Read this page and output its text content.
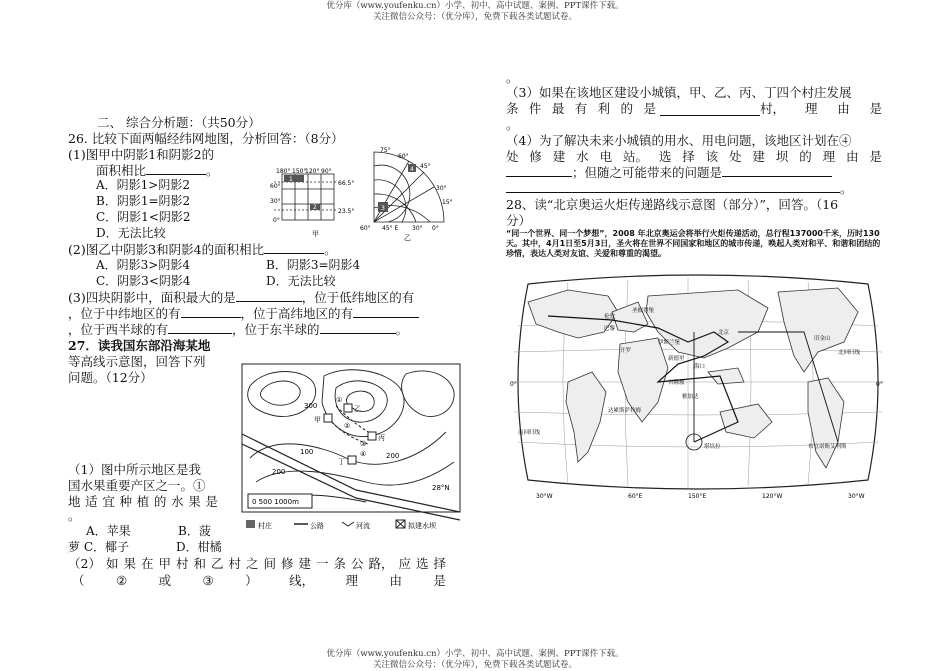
优分库（www.youfenku.cn）小学、初中、高中试题、案例、PPT课件下载。
关注微信公众号：（优分库），免费下载各类试题试卷。
二、 综合分析题：（共50分）
26. 比较下面两幅经纬网地图，分析回答：（8分）
(1)图甲中阴影1和阴影2的
面积相比	。
A．阴影1>阴影2
B．阴影1=阴影2
C．阴影1<阴影2
D．无法比较
180° 150°
120° 90°
60°
30°
0°
66.5°
23.5°
1
2
甲
75°
60°
45°
30°
15°
60° 45° E 30° 0°
3
4
乙
(2)图乙中阴影3和阴影4的面积相比	。
A．阴影3>阴影4	B．阴影3=阴影4
C．阴影3<阴影4	D．无法比较
(3)四块阴影中，面积最大的是	，位于低纬地区的有
，位于中纬地区的有	，位于高纬地区的有
，位于西半球的有	，位于东半球的	。
27．读我国东部沿海某地
等高线示意图，回答下列
问题。（12分）
300
200
100	200
甲
乙
丙
丁
①
②
③
④
28°N
0 500 1000m
村庄	公路	河流	拟建水坝
（1）图中所示地区是我
国水果重要产区之一。①
地 适 宜 种 植 的 水 果 是
。
A．苹果	B．菠
萝 C．椰子	D．柑橘
（2） 如 果 在 甲 村 和 乙 村 之 间 修 建 一 条 公 路， 应 选 择
（	②	或	③	）	线，	理	由	是
。
（3）如果在该地区建设小城镇，甲、乙、丙、丁四个村庄发展
条 件 最 有 利 的 是	村， 理 由 是
。
（4）为了解决未来小城镇的用水、用电问题，该地区计划在④
处 修 建 水 电 站。 选 择 该 处 建 坝 的 理 由 是
；但随之可能带来的问题是
。
28、读“北京奥运火炬传递路线示意图（部分）”，回答。（16
分）
“同一个世界、同一个梦想”，2008 年北京奥运会将举行火炬传递活动，总行程137000千米，历时130天。其中，4月1日至5月3日，圣火将在世界不同国家和地区的城市传递，唤起人类对和平、和谐和团结的珍惜，表达人类对友谊、关爱和尊重的渴望。
0°	0°
30°W	60°E	150°E	120°W	30°W
伦敦
巴黎
圣彼得堡
伊斯兰堡
开罗
新德里
吉隆坡
达累斯萨拉姆
雅加达
堪培拉
旧金山
布宜诺斯艾利斯
海口
北京
北回归线
南回归线
优分库（www.youfenku.cn）小学、初中、高中试题、案例、PPT课件下载。
关注微信公众号：（优分库），免费下载各类试题试卷。
